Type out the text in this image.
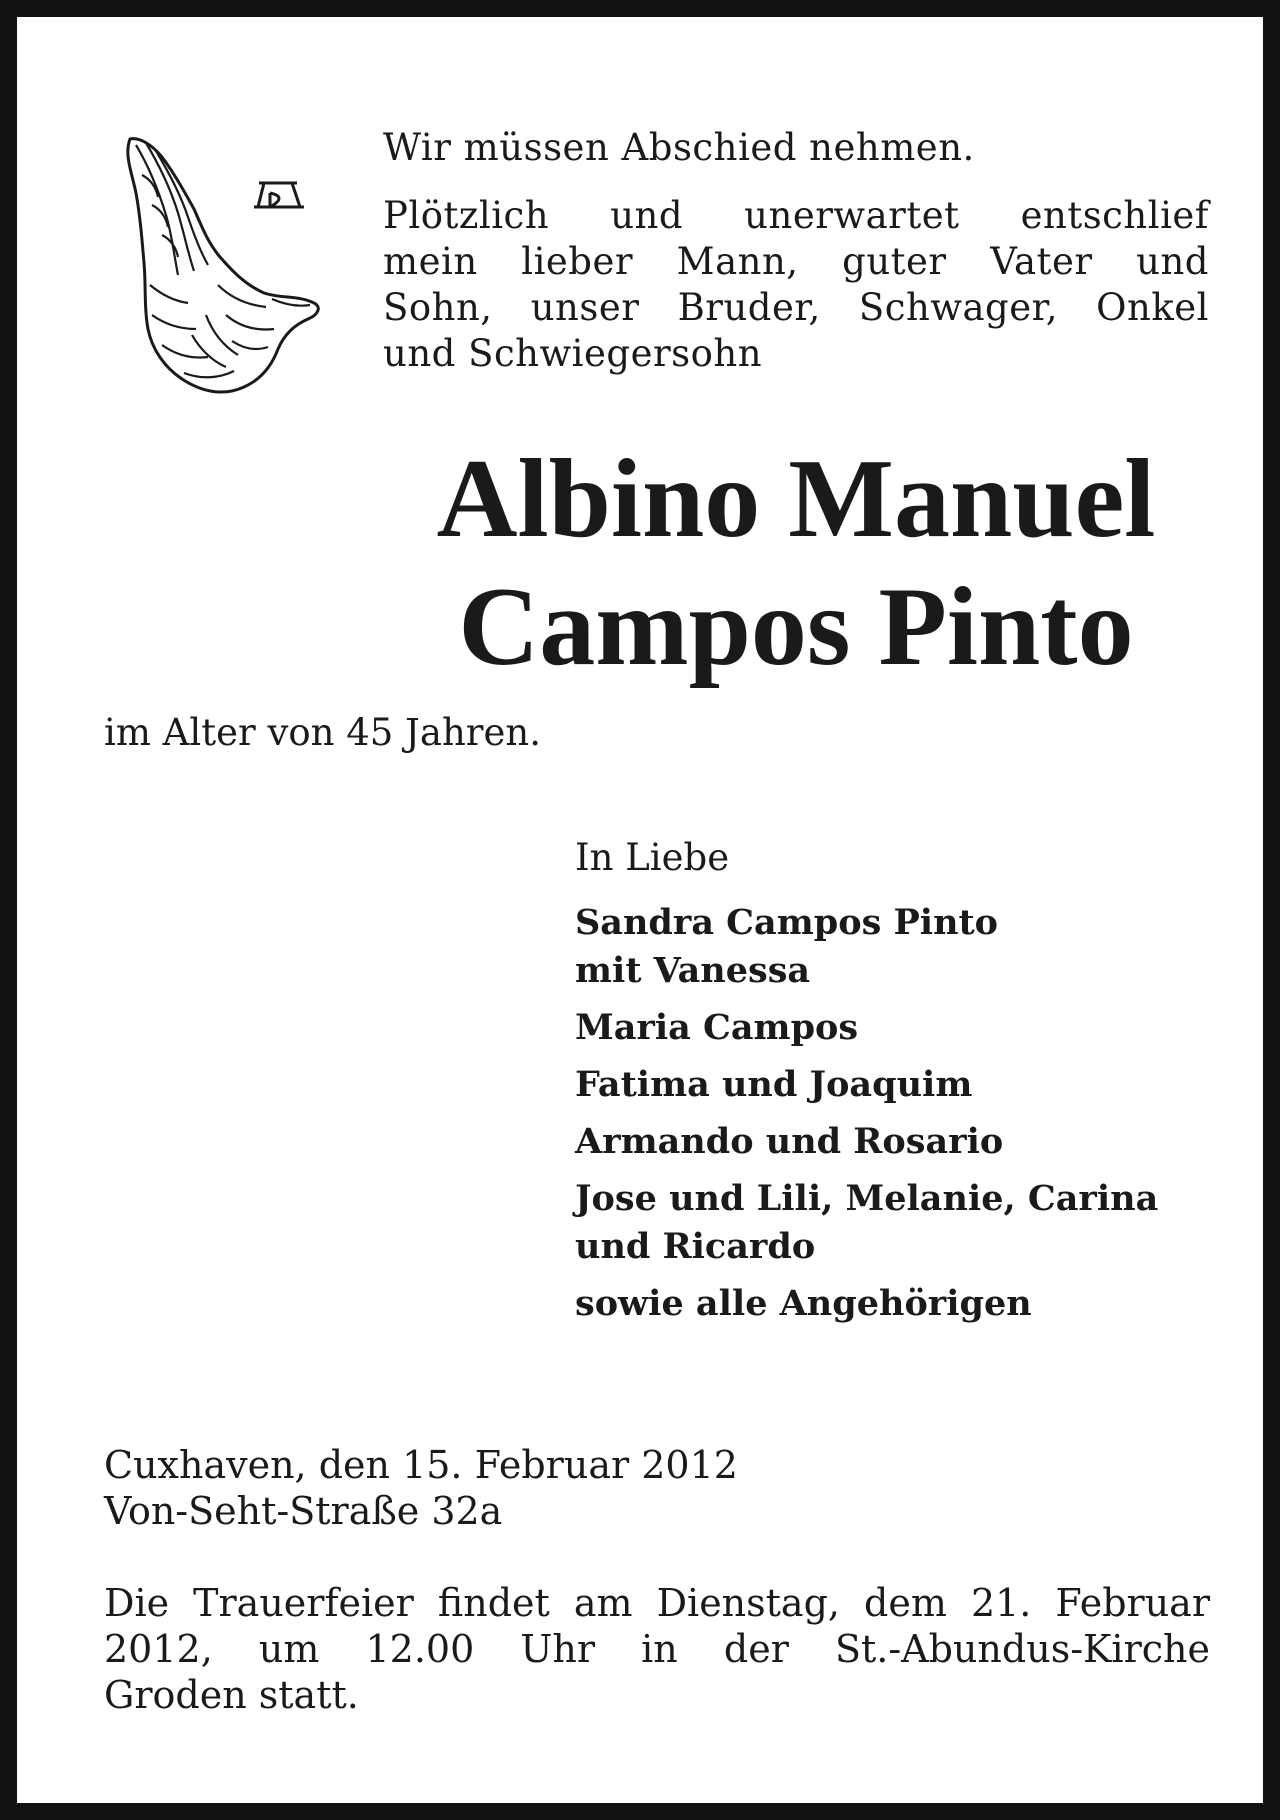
Wir müssen Abschied nehmen.
Plötzlich und unerwartet entschlief
mein lieber Mann, guter Vater und
Sohn, unser Bruder, Schwager, Onkel
und Schwiegersohn
Albino Manuel
Campos Pinto
im Alter von 45 Jahren.
In Liebe
Sandra Campos Pinto
mit Vanessa
Maria Campos
Fatima und Joaquim
Armando und Rosario
Jose und Lili, Melanie, Carina
und Ricardo
sowie alle Angehörigen
Cuxhaven, den 15. Februar 2012
Von-Seht-Straße 32a
Die Trauerfeier findet am Dienstag, dem 21. Februar
2012, um 12.00 Uhr in der St.-Abundus-Kirche
Groden statt.
